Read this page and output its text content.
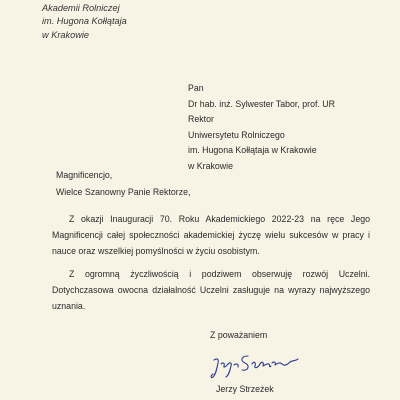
Akademii Rolniczej
im. Hugona Kołłątaja
w Krakowie
Pan
Dr hab. inż. Sylwester Tabor, prof. UR
Rektor
Uniwersytetu Rolniczego
im. Hugona Kołłątaja w Krakowie
w Krakowie
Magnificencjo,
Wielce Szanowny Panie Rektorze,

Z okazji Inauguracji 70. Roku Akademickiego 2022-23 na ręce Jego Magnificencji całej społeczności akademickiej życzę wielu sukcesów w pracy i nauce oraz wszelkiej pomyślności w życiu osobistym.

Z ogromną życzliwością i podziwem obserwuję rozwój Uczelni. Dotychczasowa owocna działalność Uczelni zasługuje na wyrazy najwyższego uznania.

Z poważaniem
Jerzy Strzeżek
